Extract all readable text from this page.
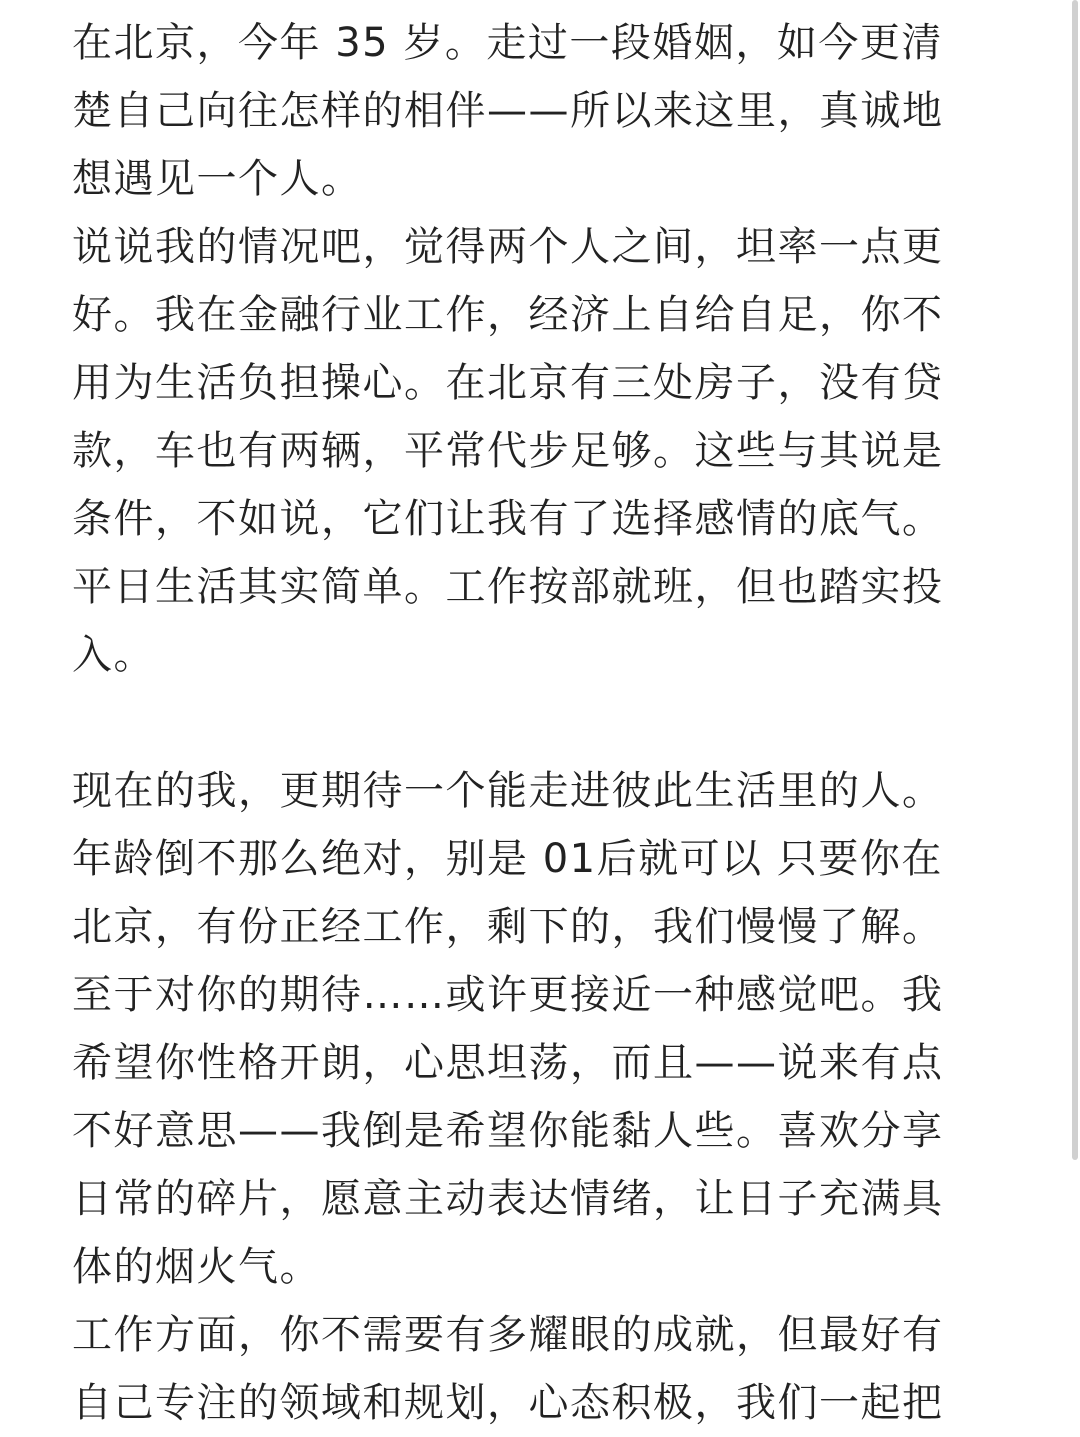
在北京，今年 35 岁。走过一段婚姻，如今更清
楚自己向往怎样的相伴——所以来这里，真诚地
想遇见一个人。
说说我的情况吧，觉得两个人之间，坦率一点更
好。我在金融行业工作，经济上自给自足，你不
用为生活负担操心。在北京有三处房子，没有贷
款，车也有两辆，平常代步足够。这些与其说是
条件，不如说，它们让我有了选择感情的底气。
平日生活其实简单。工作按部就班，但也踏实投
入。
现在的我，更期待一个能走进彼此生活里的人。
年龄倒不那么绝对，别是 01后就可以 只要你在
北京，有份正经工作，剩下的，我们慢慢了解。
至于对你的期待……或许更接近一种感觉吧。我
希望你性格开朗，心思坦荡，而且——说来有点
不好意思——我倒是希望你能黏人些。喜欢分享
日常的碎片，愿意主动表达情绪，让日子充满具
体的烟火气。
工作方面，你不需要有多耀眼的成就，但最好有
自己专注的领域和规划，心态积极，我们一起把
